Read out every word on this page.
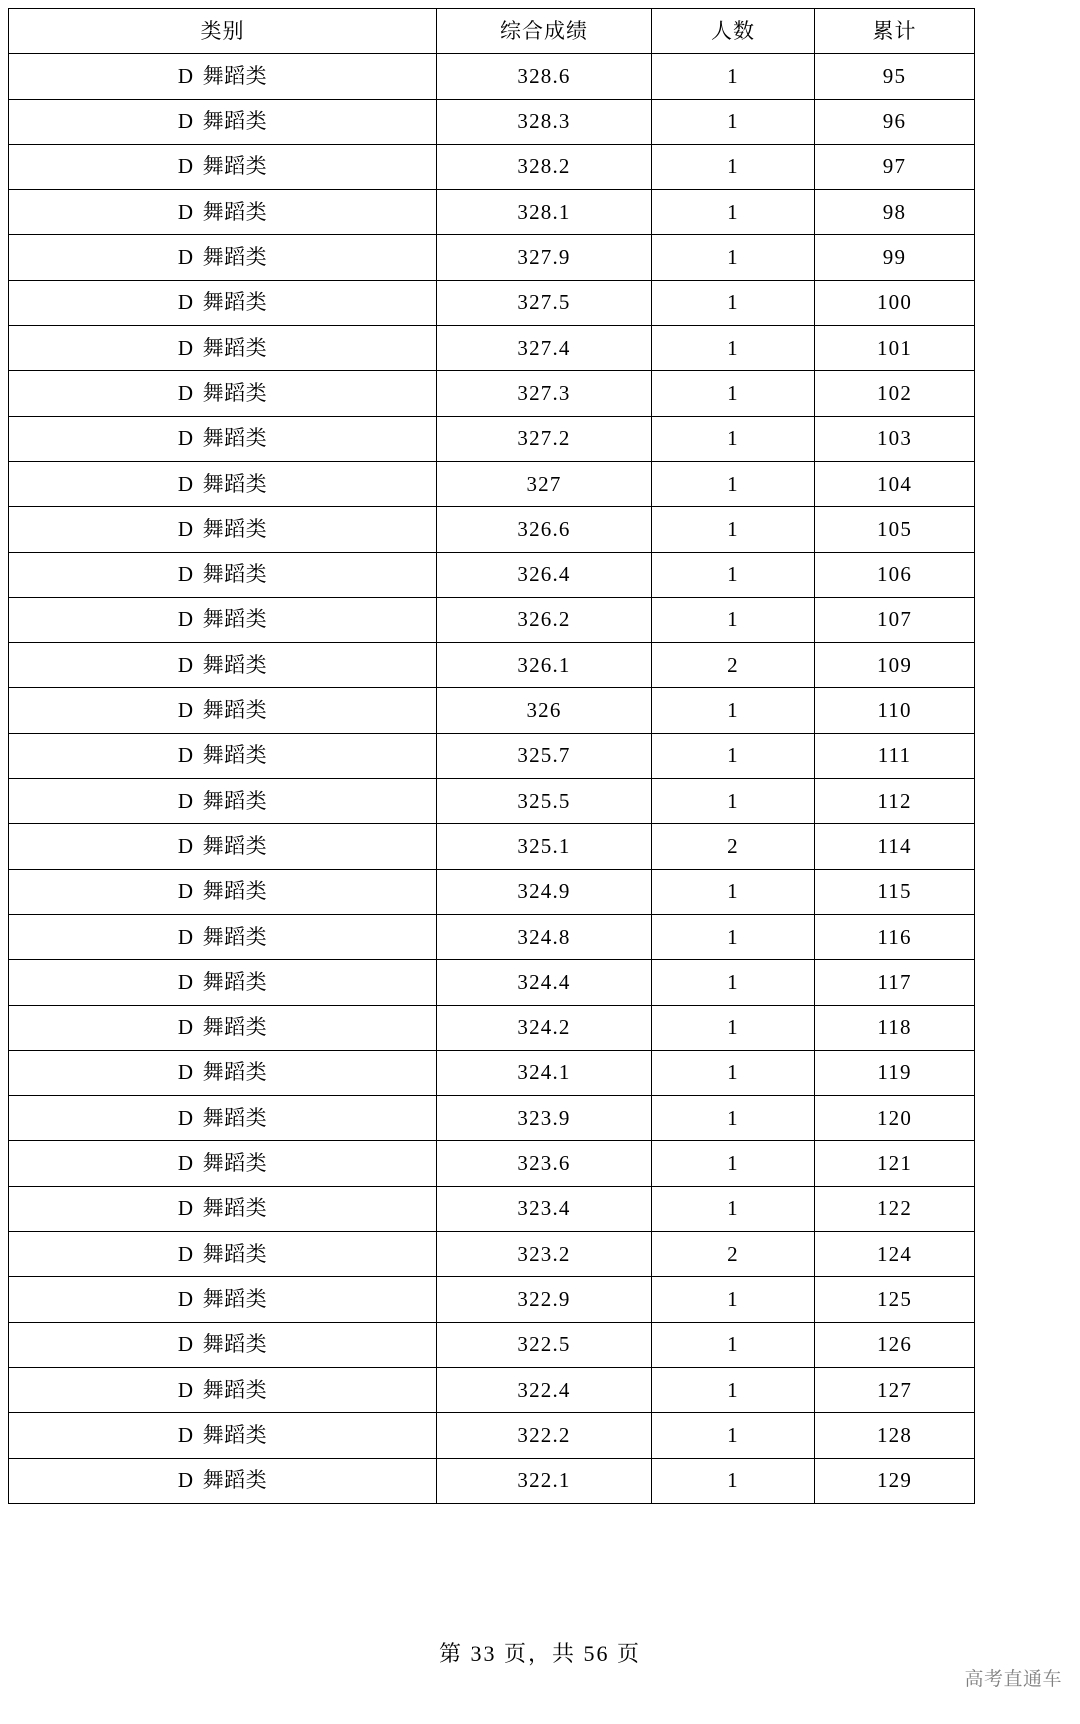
类别	综合成绩	人数	累计
D 舞蹈类	328.6	1	95
D 舞蹈类	328.3	1	96
D 舞蹈类	328.2	1	97
D 舞蹈类	328.1	1	98
D 舞蹈类	327.9	1	99
D 舞蹈类	327.5	1	100
D 舞蹈类	327.4	1	101
D 舞蹈类	327.3	1	102
D 舞蹈类	327.2	1	103
D 舞蹈类	327	1	104
D 舞蹈类	326.6	1	105
D 舞蹈类	326.4	1	106
D 舞蹈类	326.2	1	107
D 舞蹈类	326.1	2	109
D 舞蹈类	326	1	110
D 舞蹈类	325.7	1	111
D 舞蹈类	325.5	1	112
D 舞蹈类	325.1	2	114
D 舞蹈类	324.9	1	115
D 舞蹈类	324.8	1	116
D 舞蹈类	324.4	1	117
D 舞蹈类	324.2	1	118
D 舞蹈类	324.1	1	119
D 舞蹈类	323.9	1	120
D 舞蹈类	323.6	1	121
D 舞蹈类	323.4	1	122
D 舞蹈类	323.2	2	124
D 舞蹈类	322.9	1	125
D 舞蹈类	322.5	1	126
D 舞蹈类	322.4	1	127
D 舞蹈类	322.2	1	128
D 舞蹈类	322.1	1	129
第 33 页，共 56 页
高考直通车
